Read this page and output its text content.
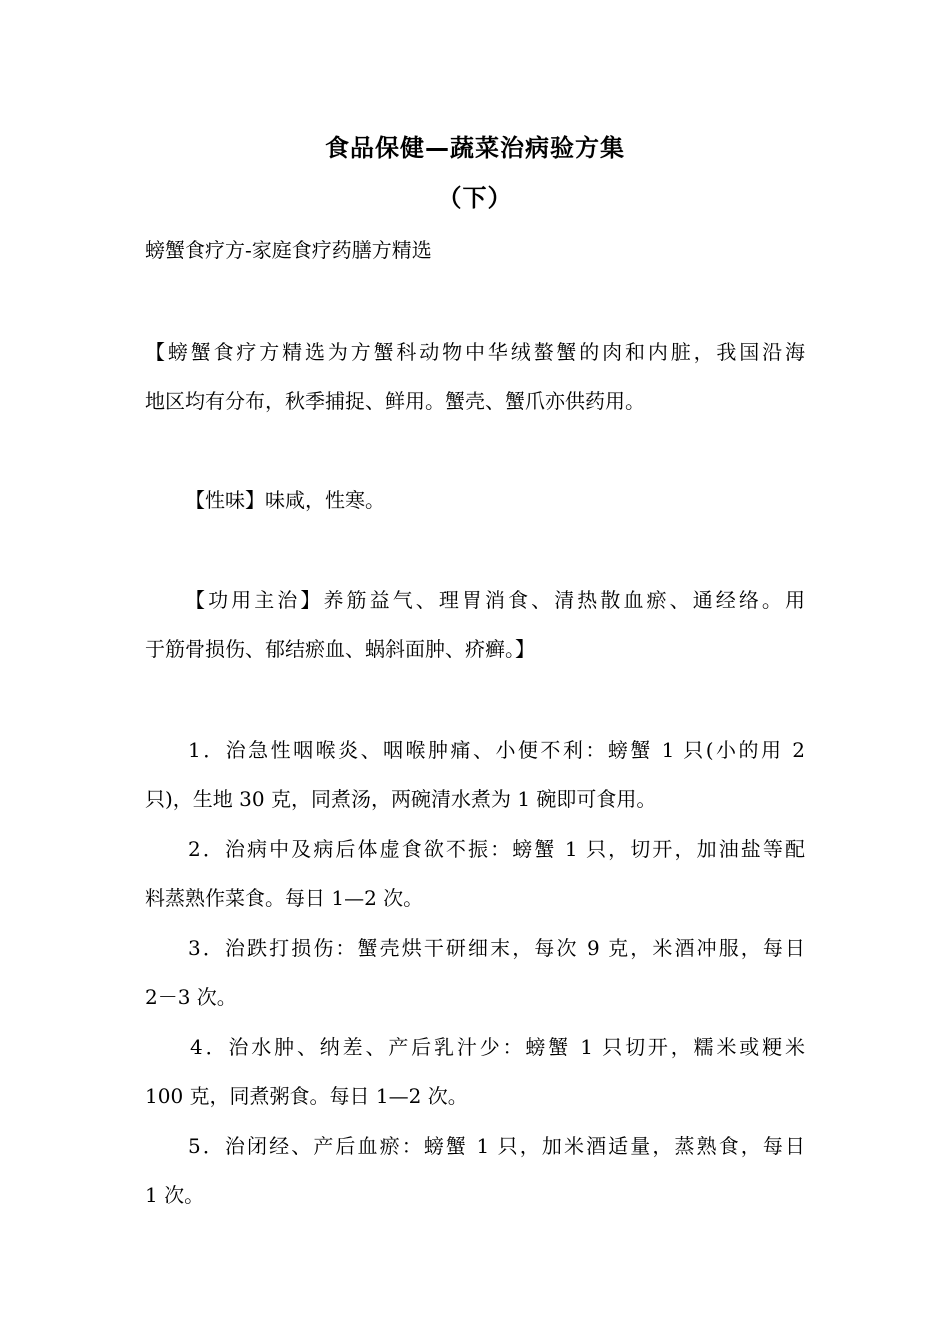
食品保健—蔬菜治病验方集
（下）
螃蟹食疗方-家庭食疗药膳方精选
【螃蟹食疗方精选为方蟹科动物中华绒螯蟹的肉和内脏，我国沿海
地区均有分布，秋季捕捉、鲜用。蟹壳、蟹爪亦供药用。
【性味】味咸，性寒。
【功用主治】养筋益气、理胃消食、清热散血瘀、通经络。用
于筋骨损伤、郁结瘀血、蜗斜面肿、疥癣。】
1．治急性咽喉炎、咽喉肿痛、小便不利：螃蟹 1 只(小的用 2
只)，生地 30 克，同煮汤，两碗清水煮为 1 碗即可食用。
2．治病中及病后体虚食欲不振：螃蟹 1 只，切开，加油盐等配
料蒸熟作菜食。每日 1—2 次。
3．治跌打损伤：蟹壳烘干研细末，每次 9 克，米酒冲服，每日
2－3 次。
4．治水肿、纳差、产后乳汁少：螃蟹 1 只切开，糯米或粳米
100 克，同煮粥食。每日 1—2 次。
5．治闭经、产后血瘀：螃蟹 1 只，加米酒适量，蒸熟食，每日
1 次。
